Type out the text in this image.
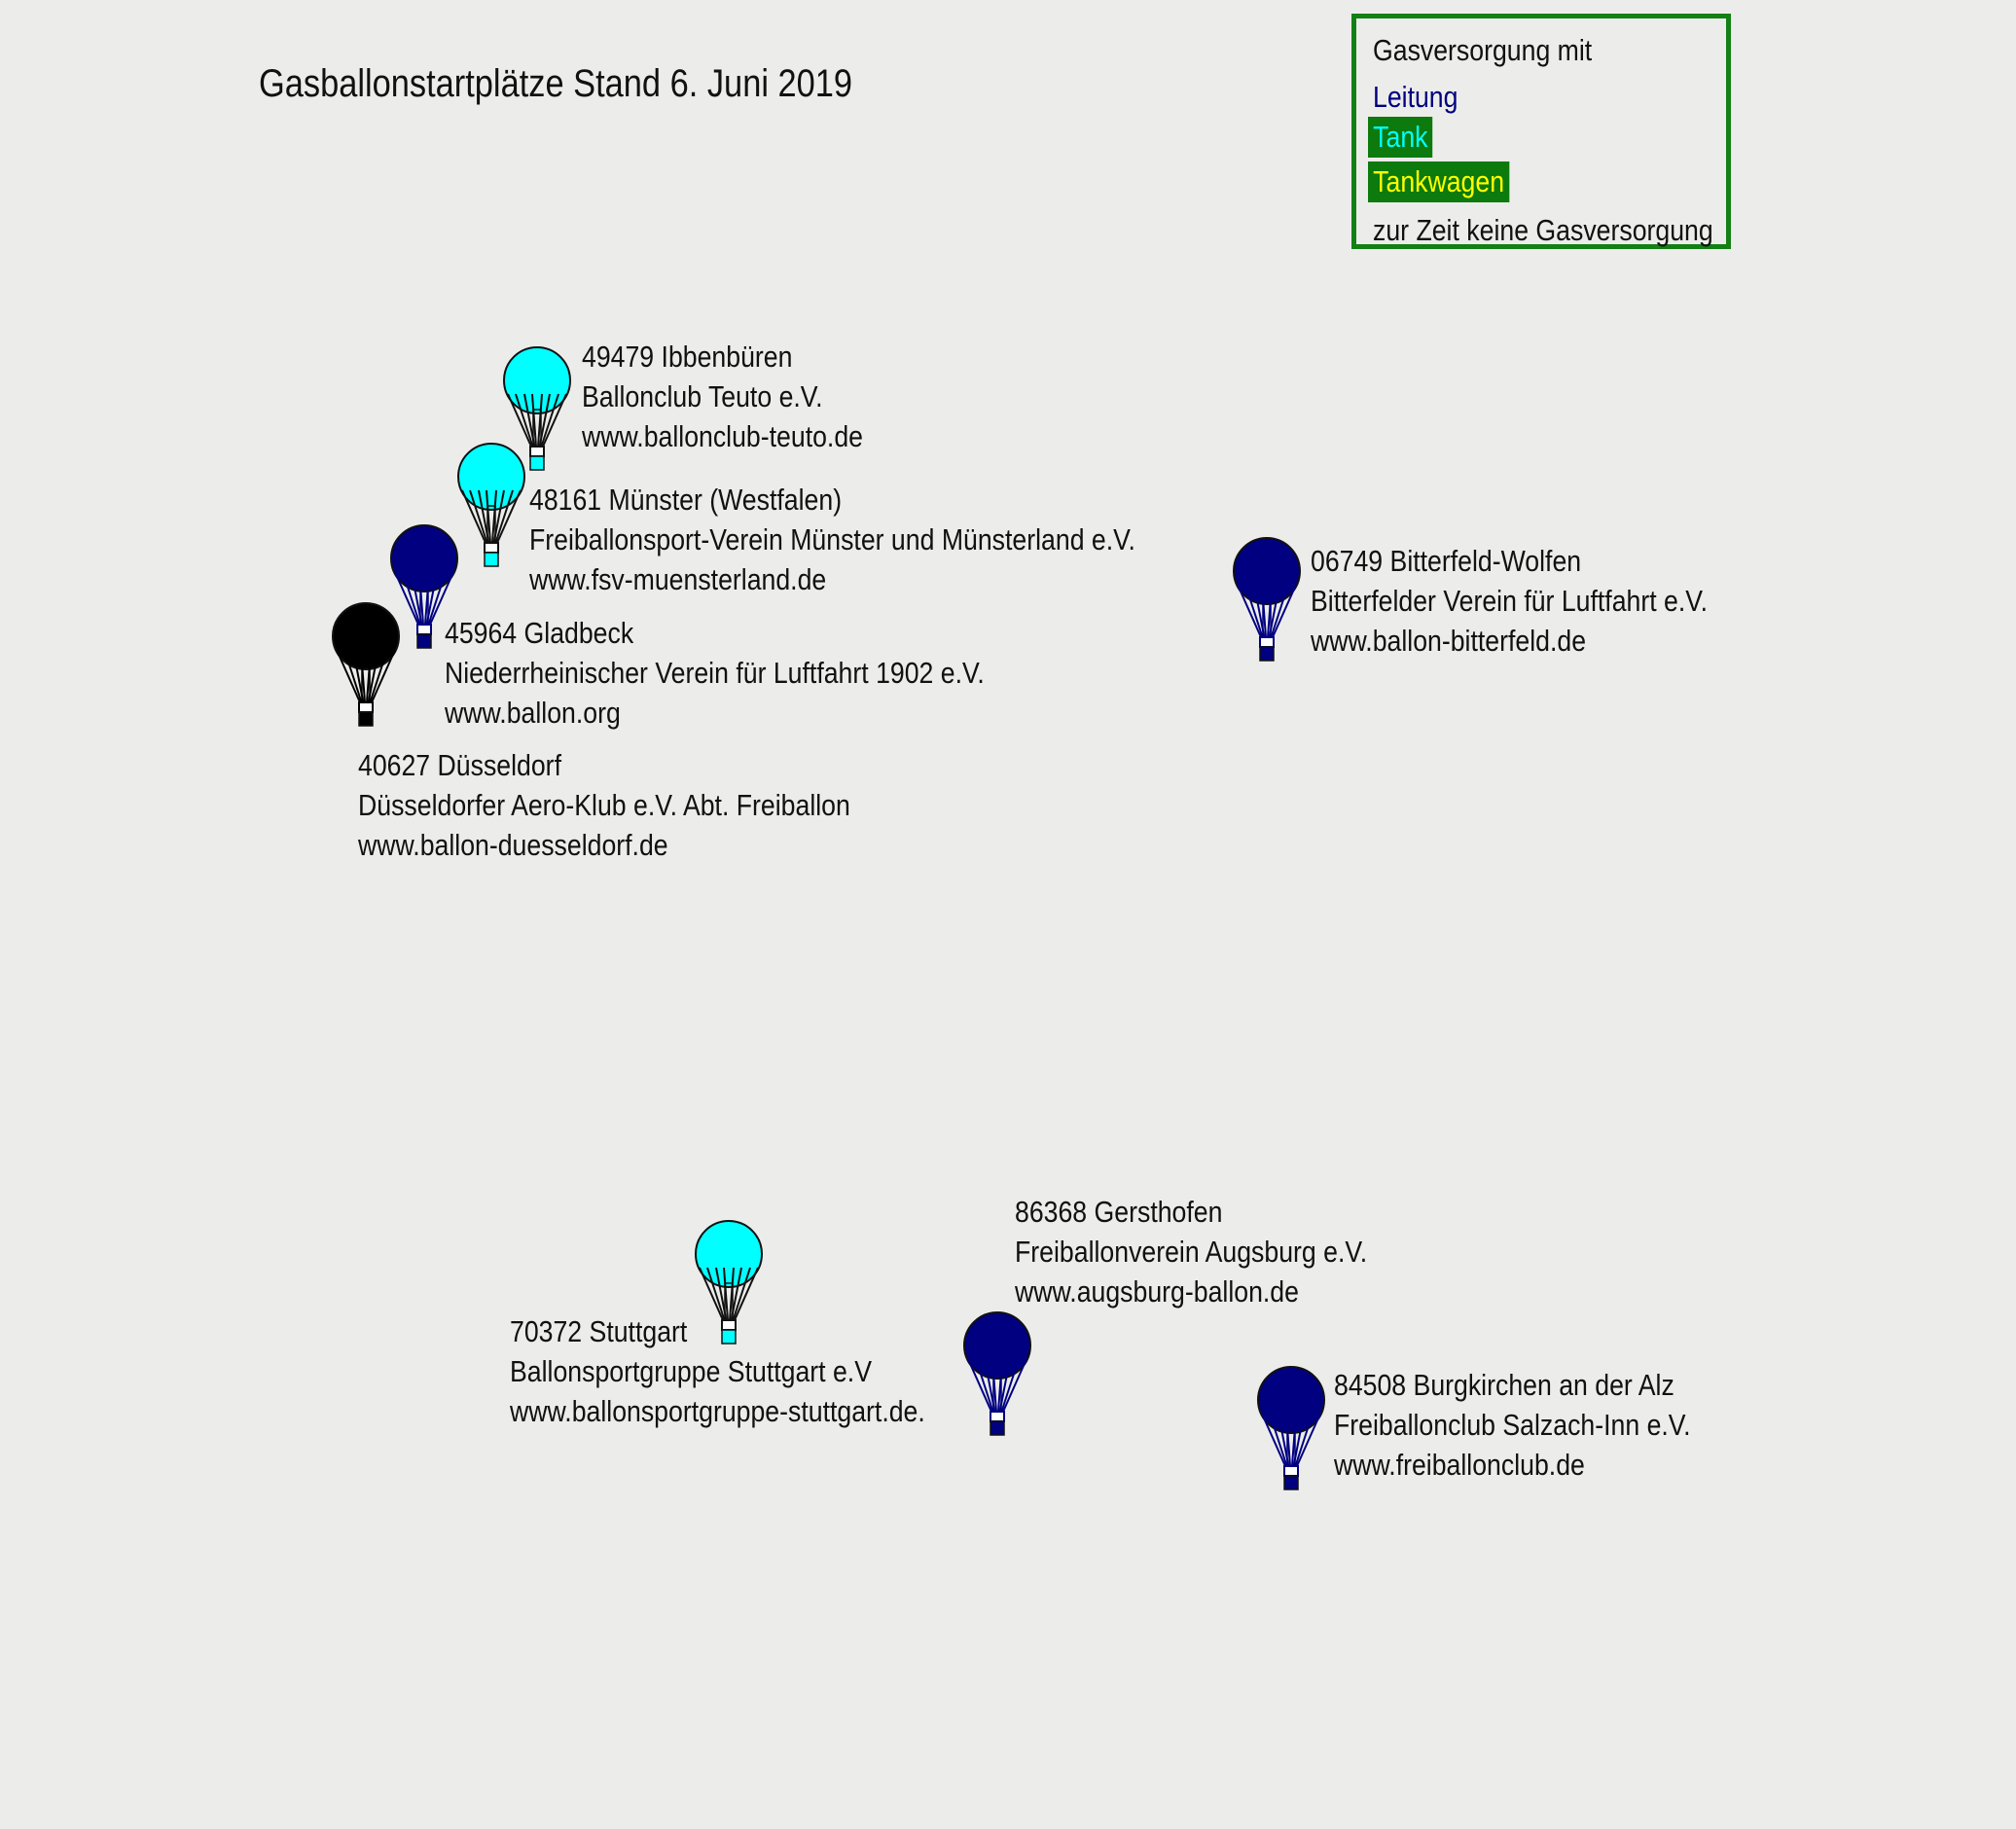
Gasballonstartplätze Stand 6. Juni 2019
Gasversorgung mit
Leitung
Tank
Tankwagen
zur Zeit keine Gasversorgung
49479 Ibbenbüren
Ballonclub Teuto e.V.
www.ballonclub-teuto.de
48161 Münster (Westfalen)
Freiballonsport-Verein Münster und Münsterland e.V.
www.fsv-muensterland.de
45964 Gladbeck
Niederrheinischer Verein für Luftfahrt 1902 e.V.
www.ballon.org
40627 Düsseldorf
Düsseldorfer Aero-Klub e.V. Abt. Freiballon
www.ballon-duesseldorf.de
06749 Bitterfeld-Wolfen
Bitterfelder Verein für Luftfahrt e.V.
www.ballon-bitterfeld.de
70372 Stuttgart
Ballonsportgruppe Stuttgart e.V
www.ballonsportgruppe-stuttgart.de.
86368 Gersthofen
Freiballonverein Augsburg e.V.
www.augsburg-ballon.de
84508 Burgkirchen an der Alz
Freiballonclub Salzach-Inn e.V.
www.freiballonclub.de
